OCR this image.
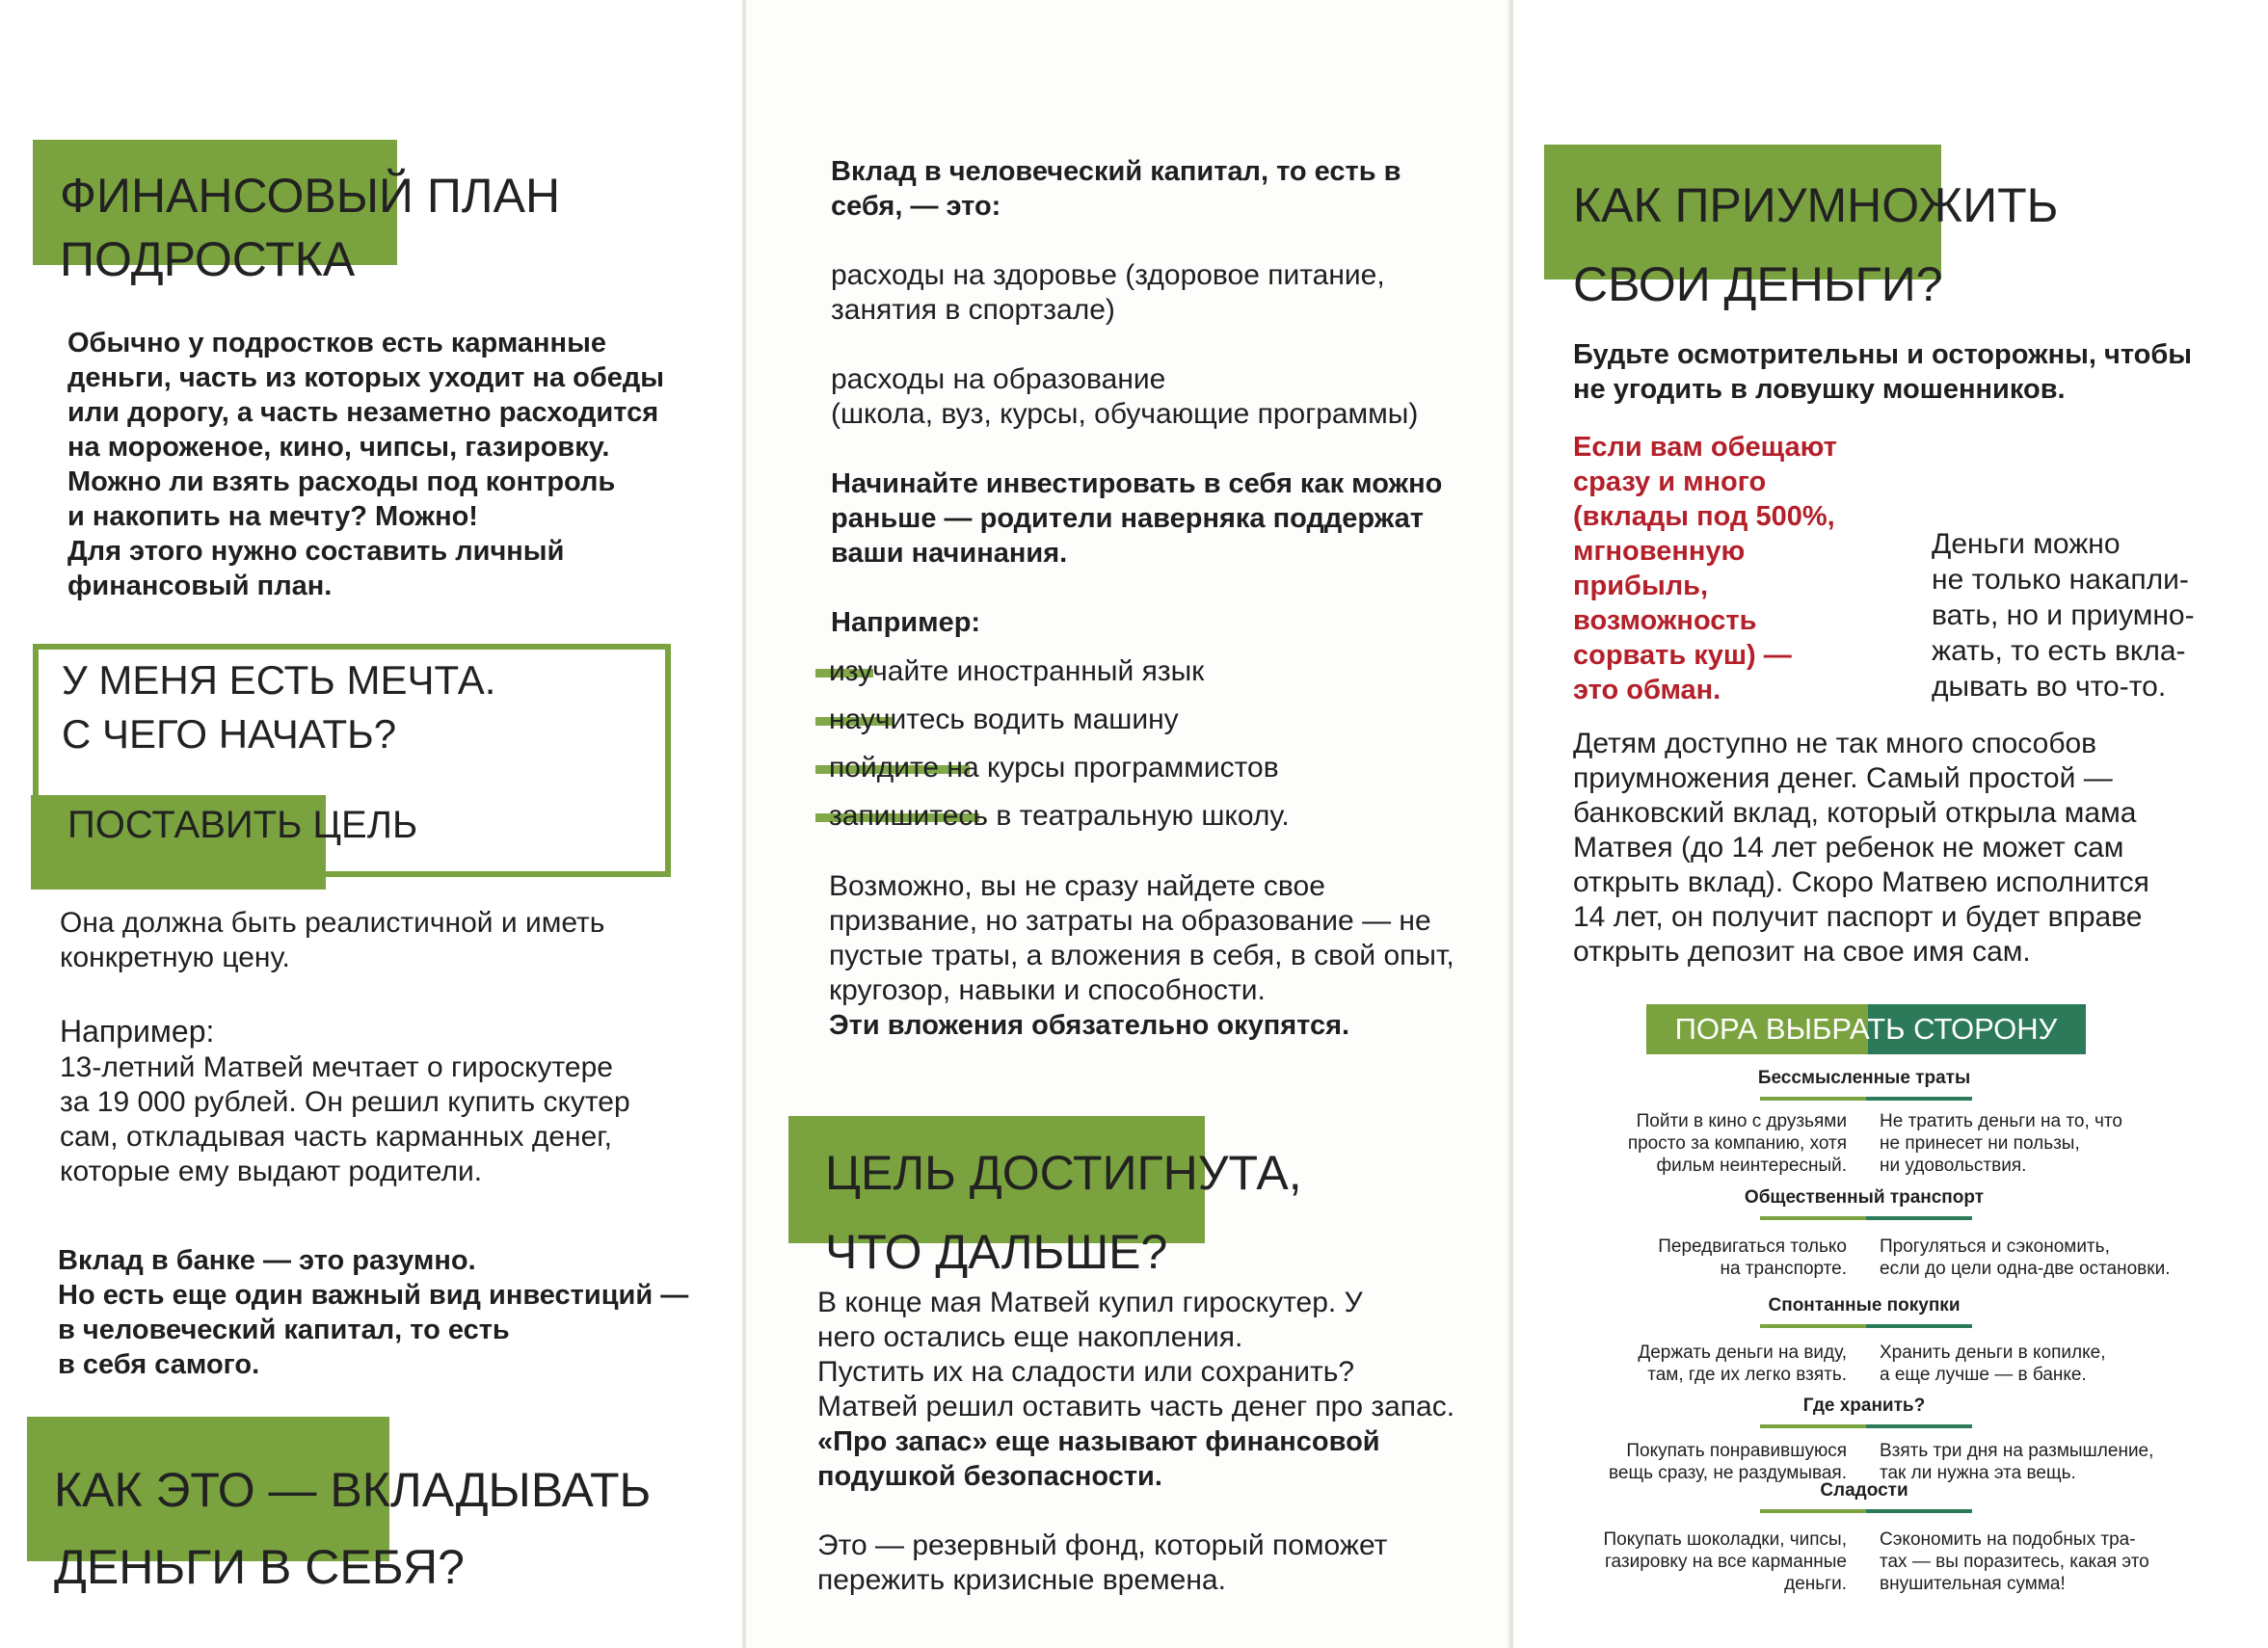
ФИНАНСОВЫЙ ПЛАН
ПОДРОСТКА
Обычно у подростков есть карманные
деньги, часть из которых уходит на обеды
или дорогу, а часть незаметно расходится
на мороженое, кино, чипсы, газировку.
Можно ли взять расходы под контроль
и накопить на мечту? Можно!
Для этого нужно составить личный
финансовый план.
У МЕНЯ ЕСТЬ МЕЧТА.
С ЧЕГО НАЧАТЬ?
ПОСТАВИТЬ ЦЕЛЬ
Она должна быть реалистичной и иметь
конкретную цену.
Например:
13-летний Матвей мечтает о гироскутере
за 19 000 рублей. Он решил купить скутер
сам, откладывая часть карманных денег,
которые ему выдают родители.
Вклад в банке — это разумно.
Но есть еще один важный вид инвестиций —
в человеческий капитал, то есть
в себя самого.
КАК ЭТО — ВКЛАДЫВАТЬ
ДЕНЬГИ В СЕБЯ?
Вклад в человеческий капитал, то есть в
себя, — это:
расходы на здоровье (здоровое питание,
занятия в спортзале)
расходы на образование
(школа, вуз, курсы, обучающие программы)
Начинайте инвестировать в себя как можно
раньше — родители наверняка поддержат
ваши начинания.
Например:
изучайте иностранный язык
научитесь водить машину
пойдите на курсы программистов
запишитесь в театральную школу.
Возможно, вы не сразу найдете свое
призвание, но затраты на образование — не
пустые траты, а вложения в себя, в свой опыт,
кругозор, навыки и способности.
Эти вложения обязательно окупятся.
ЦЕЛЬ ДОСТИГНУТА,
ЧТО ДАЛЬШЕ?
В конце мая Матвей купил гироскутер. У
него остались еще накопления.
Пустить их на сладости или сохранить?
Матвей решил оставить часть денег про запас.
«Про запас» еще называют финансовой
подушкой безопасности.
Это — резервный фонд, который поможет
пережить кризисные времена.
КАК ПРИУМНОЖИТЬ
СВОИ ДЕНЬГИ?
Будьте осмотрительны и осторожны, чтобы
не угодить в ловушку мошенников.
Если вам обещают
сразу и много
(вклады под 500%,
мгновенную
прибыль,
возможность
сорвать куш) —
это обман.
Деньги можно
не только накапли-
вать, но и приумно-
жать, то есть вкла-
дывать во что-то.
Детям доступно не так много способов
приумножения денег. Самый простой —
банковский вклад, который открыла мама
Матвея (до 14 лет ребенок не может сам
открыть вклад). Скоро Матвею исполнится
14 лет, он получит паспорт и будет вправе
открыть депозит на свое имя сам.
ПОРА ВЫБРАТЬ СТОРОНУ
Бессмысленные траты
Пойти в кино с друзьями
просто за компанию, хотя
фильм неинтересный.
Не тратить деньги на то, что
не принесет ни пользы,
ни удовольствия.
Общественный транспорт
Передвигаться только
на транспорте.
Прогуляться и сэкономить,
если до цели одна-две остановки.
Спонтанные покупки
Держать деньги на виду,
там, где их легко взять.
Хранить деньги в копилке,
а еще лучше — в банке.
Где хранить?
Покупать понравившуюся
вещь сразу, не раздумывая.
Взять три дня на размышление,
так ли нужна эта вещь.
Сладости
Покупать шоколадки, чипсы,
газировку на все карманные
деньги.
Сэкономить на подобных тра-
тах — вы поразитесь, какая это
внушительная сумма!
